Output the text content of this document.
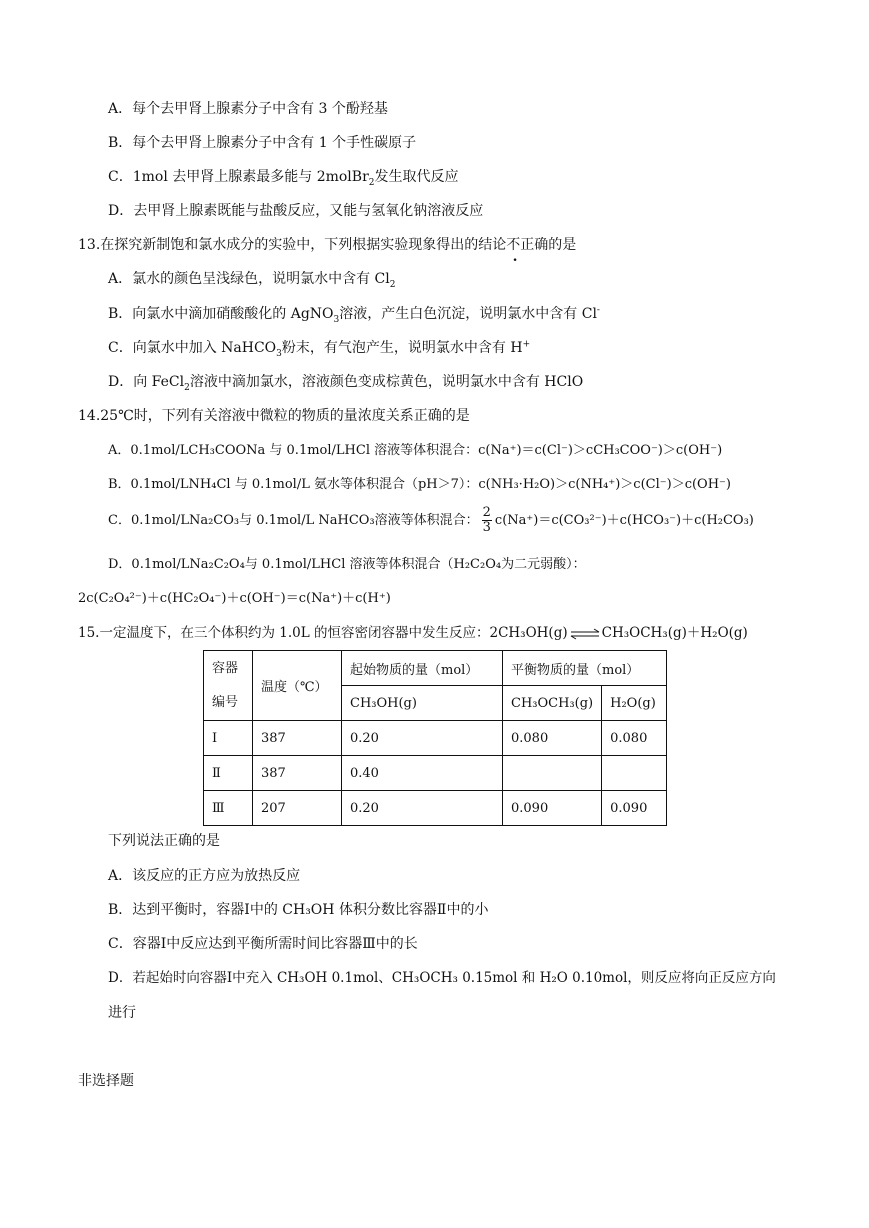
A．每个去甲肾上腺素分子中含有 3 个酚羟基
B．每个去甲肾上腺素分子中含有 1 个手性碳原子
C．1mol 去甲肾上腺素最多能与 2molBr$_2$发生取代反应
D．去甲肾上腺素既能与盐酸反应，又能与氢氧化钠溶液反应
13.在探究新制饱和氯水成分的实验中，下列根据实验现象得出的结论不正确的是
A．氯水的颜色呈浅绿色，说明氯水中含有 $Cl_2$
B．向氯水中滴加硝酸酸化的 AgNO$_3$溶液，产生白色沉淀，说明氯水中含有 Cl-
C．向氯水中加入 NaHCO$_3$粉末，有气泡产生，说明氯水中含有 H+
D．向 FeCl$_2$溶液中滴加氯水，溶液颜色变成棕黄色，说明氯水中含有 HClO
14.25℃时，下列有关溶液中微粒的物质的量浓度关系正确的是
A．0.1mol/LCH₃COONa 与 0.1mol/LHCl 溶液等体积混合：c(Na⁺)＝c(Cl⁻)＞cCH₃COO⁻)＞c(OH⁻)
B．0.1mol/LNH₄Cl 与 0.1mol/L 氨水等体积混合（pH＞7）：c(NH₃·H₂O)＞c(NH₄⁺)＞c(Cl⁻)＞c(OH⁻)
C．0.1mol/LNa₂CO₃与 0.1mol/L NaHCO₃溶液等体积混合： $\frac{2}{3} c(Na^+)=c(CO_3^{2-})+c(HCO_3^-)+c(H_2CO_3)$
D．0.1mol/LNa₂C₂O₄与 0.1mol/LHCl 溶液等体积混合（H₂C₂O₄为二元弱酸）：
2c(C₂O₄²⁻)＋c(HC₂O₄⁻)＋c(OH⁻)＝c(Na⁺)＋c(H⁺)
15.一定温度下，在三个体积约为 1.0L 的恒容密闭容器中发生反应：2CH₃OH(g) ⇌ CH₃OCH₃(g)＋H₂O(g)
容器
编号	温度（℃）	起始物质的量（mol）	平衡物质的量（mol）	
		CH₃OH(g)	CH₃OCH₃(g)	H₂O(g)
Ⅰ	387	0.20	0.080	0.080
Ⅱ	387	0.40		
Ⅲ	207	0.20	0.090	0.090
下列说法正确的是
A．该反应的正方应为放热反应
B．达到平衡时，容器Ⅰ中的 CH₃OH 体积分数比容器Ⅱ中的小
C．容器Ⅰ中反应达到平衡所需时间比容器Ⅲ中的长
D．若起始时向容器Ⅰ中充入 CH₃OH 0.1mol、CH₃OCH₃ 0.15mol 和 H₂O 0.10mol，则反应将向正反应方向
进行
非选择题
